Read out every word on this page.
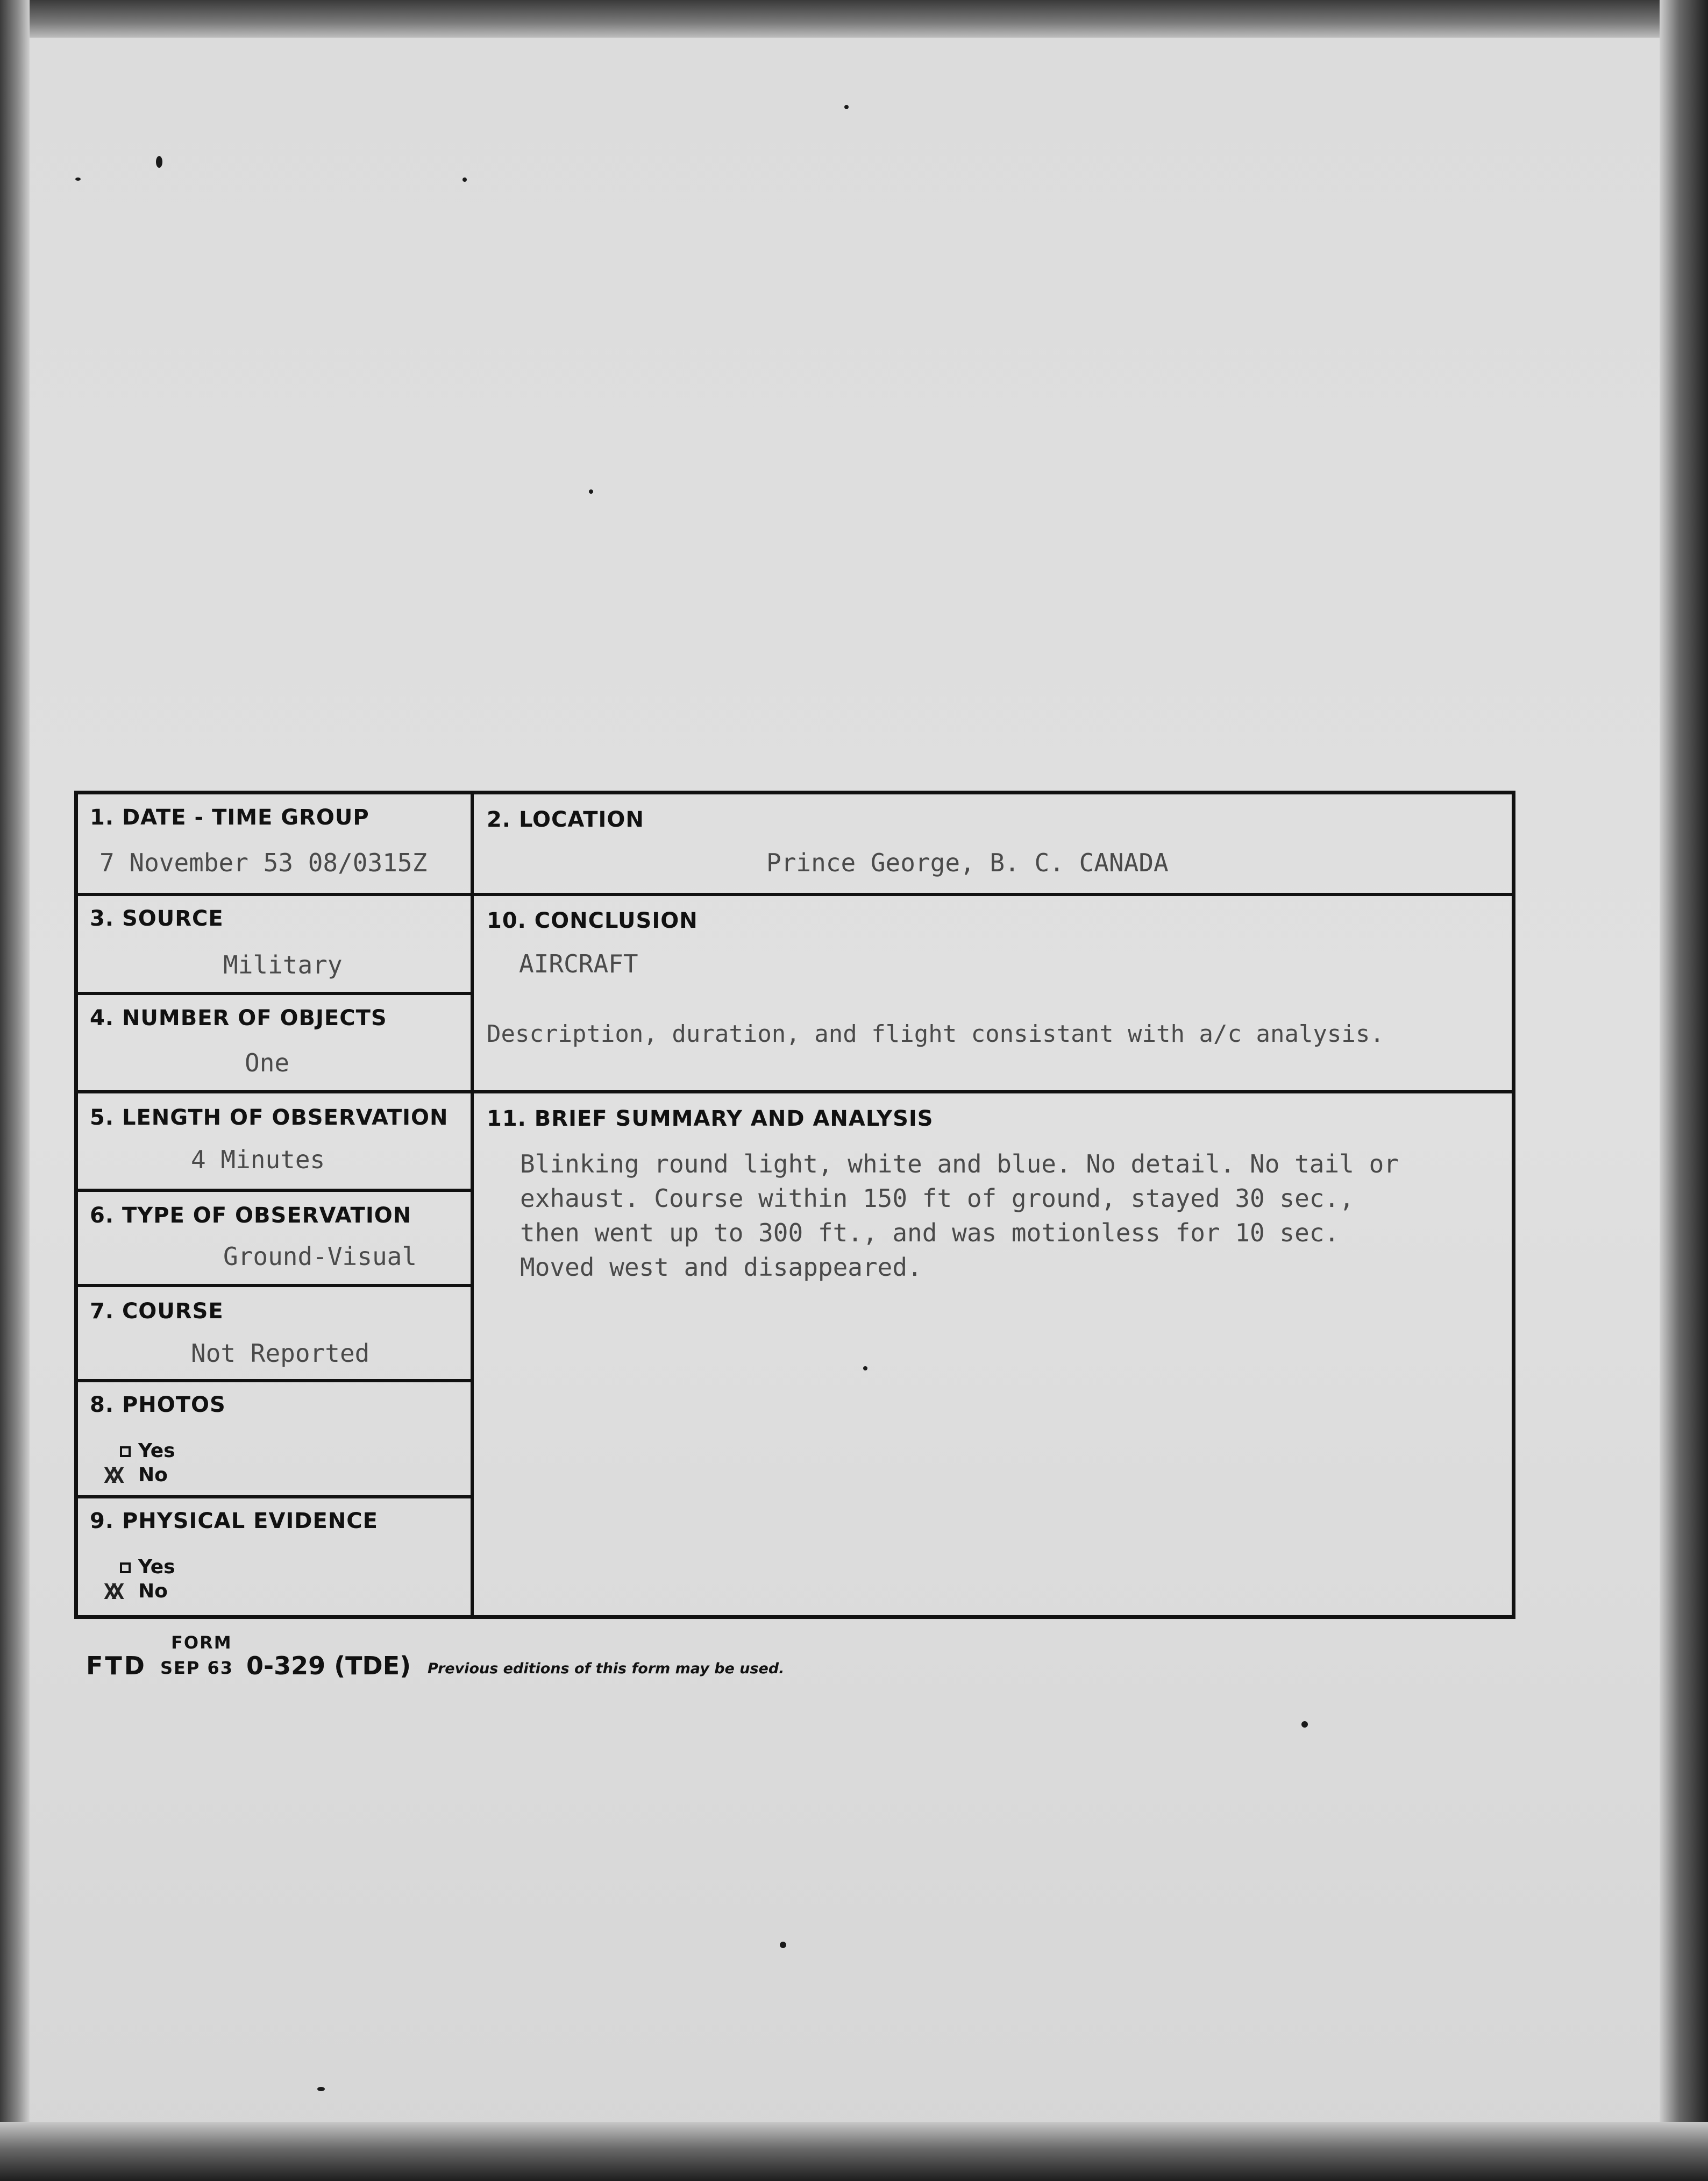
1. DATE - TIME GROUP
7 November 53 08/0315Z
2. LOCATION
Prince George, B. C. CANADA
3. SOURCE
Military
10. CONCLUSION
AIRCRAFT
Description, duration, and flight consistant with a/c analysis.
4. NUMBER OF OBJECTS
One
5. LENGTH OF OBSERVATION
4 Minutes
11. BRIEF SUMMARY AND ANALYSIS
Blinking round light, white and blue. No detail. No tail or
exhaust. Course within 150 ft of ground, stayed 30 sec.,
then went up to 300 ft., and was motionless for 10 sec.
Moved west and disappeared.
6. TYPE OF OBSERVATION
Ground-Visual
7. COURSE
Not Reported
8. PHOTOS
Yes
XX No
9. PHYSICAL EVIDENCE
Yes
XX No
FORM
FTD SEP 63 0-329 (TDE) Previous editions of this form may be used.
